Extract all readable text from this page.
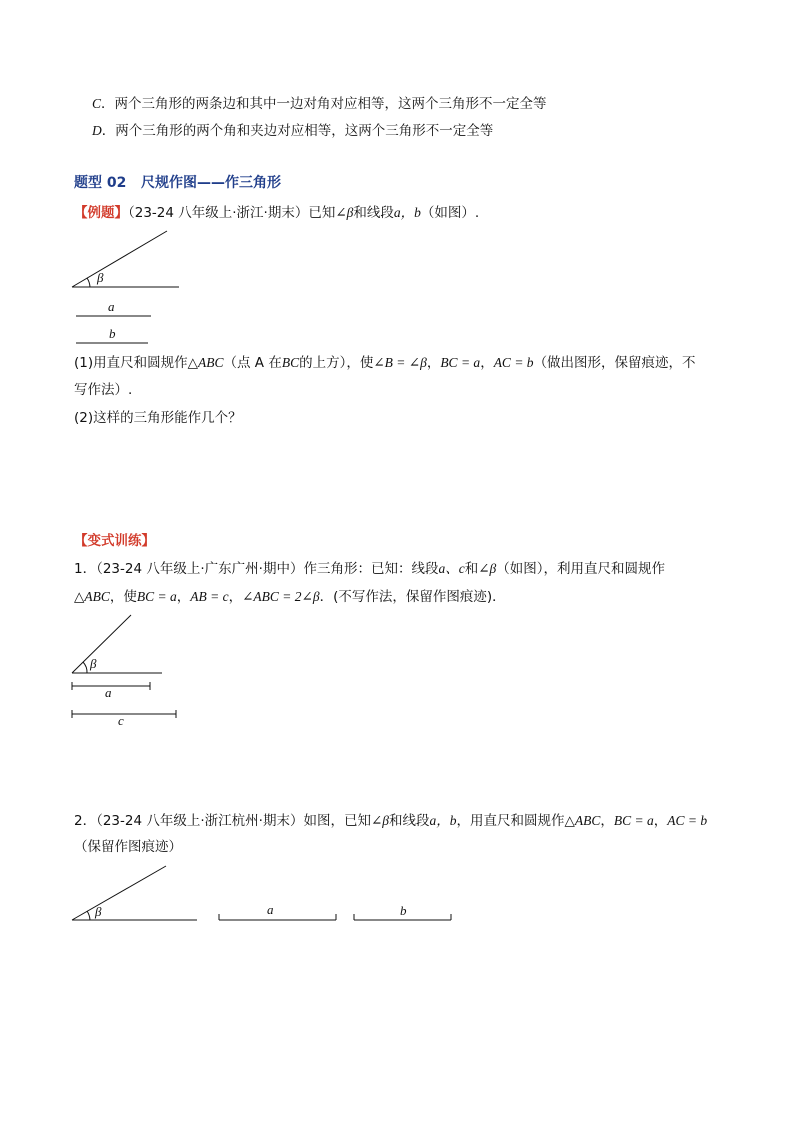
C．两个三角形的两条边和其中一边对角对应相等，这两个三角形不一定全等
D．两个三角形的两个角和夹边对应相等，这两个三角形不一定全等
题型 02 尺规作图——作三角形
【例题】（23-24 八年级上·浙江·期末）已知∠β和线段a，b（如图）.
β
a
b
(1)用直尺和圆规作△ABC（点 A 在BC的上方），使∠B = ∠β，BC = a，AC = b（做出图形，保留痕迹，不
写作法）.
(2)这样的三角形能作几个？
【变式训练】
1．（23-24 八年级上·广东广州·期中）作三角形：已知：线段a、c和∠β（如图），利用直尺和圆规作
△ABC，使BC = a，AB = c，∠ABC = 2∠β．(不写作法，保留作图痕迹)．
β
a
c
2．（23-24 八年级上·浙江杭州·期末）如图，已知∠β和线段a，b，用直尺和圆规作△ABC，BC = a，AC = b
（保留作图痕迹）
β	a	b
